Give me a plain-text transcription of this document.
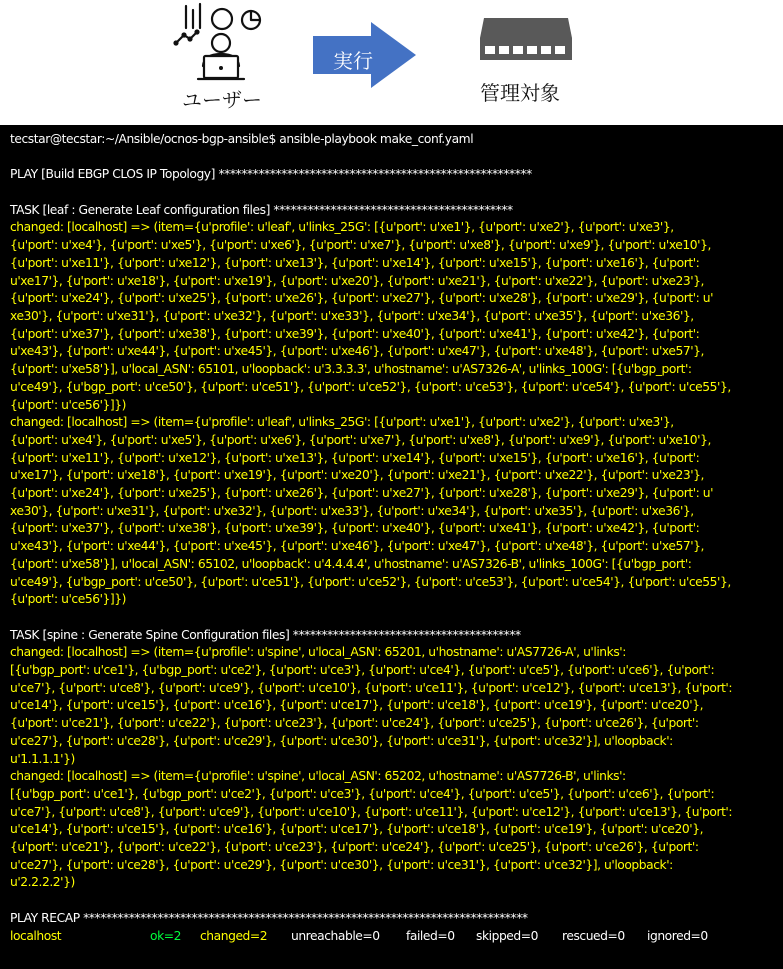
ユーザー
実行
管理対象
tecstar@tecstar:~/Ansible/ocnos-bgp-ansible$ ansible-playbook make_conf.yaml
PLAY [Build EBGP CLOS IP Topology] *******************************************************
TASK [leaf : Generate Leaf configuration files] ******************************************
changed: [localhost] => (item={u'profile': u'leaf', u'links_25G': [{u'port': u'xe1'}, {u'port': u'xe2'}, {u'port': u'xe3'},
{u'port': u'xe4'}, {u'port': u'xe5'}, {u'port': u'xe6'}, {u'port': u'xe7'}, {u'port': u'xe8'}, {u'port': u'xe9'}, {u'port': u'xe10'},
{u'port': u'xe11'}, {u'port': u'xe12'}, {u'port': u'xe13'}, {u'port': u'xe14'}, {u'port': u'xe15'}, {u'port': u'xe16'}, {u'port':
u'xe17'}, {u'port': u'xe18'}, {u'port': u'xe19'}, {u'port': u'xe20'}, {u'port': u'xe21'}, {u'port': u'xe22'}, {u'port': u'xe23'},
{u'port': u'xe24'}, {u'port': u'xe25'}, {u'port': u'xe26'}, {u'port': u'xe27'}, {u'port': u'xe28'}, {u'port': u'xe29'}, {u'port': u'
xe30'}, {u'port': u'xe31'}, {u'port': u'xe32'}, {u'port': u'xe33'}, {u'port': u'xe34'}, {u'port': u'xe35'}, {u'port': u'xe36'},
{u'port': u'xe37'}, {u'port': u'xe38'}, {u'port': u'xe39'}, {u'port': u'xe40'}, {u'port': u'xe41'}, {u'port': u'xe42'}, {u'port':
u'xe43'}, {u'port': u'xe44'}, {u'port': u'xe45'}, {u'port': u'xe46'}, {u'port': u'xe47'}, {u'port': u'xe48'}, {u'port': u'xe57'},
{u'port': u'xe58'}], u'local_ASN': 65101, u'loopback': u'3.3.3.3', u'hostname': u'AS7326-A', u'links_100G': [{u'bgp_port':
u'ce49'}, {u'bgp_port': u'ce50'}, {u'port': u'ce51'}, {u'port': u'ce52'}, {u'port': u'ce53'}, {u'port': u'ce54'}, {u'port': u'ce55'},
{u'port': u'ce56'}]})
changed: [localhost] => (item={u'profile': u'leaf', u'links_25G': [{u'port': u'xe1'}, {u'port': u'xe2'}, {u'port': u'xe3'},
{u'port': u'xe4'}, {u'port': u'xe5'}, {u'port': u'xe6'}, {u'port': u'xe7'}, {u'port': u'xe8'}, {u'port': u'xe9'}, {u'port': u'xe10'},
{u'port': u'xe11'}, {u'port': u'xe12'}, {u'port': u'xe13'}, {u'port': u'xe14'}, {u'port': u'xe15'}, {u'port': u'xe16'}, {u'port':
u'xe17'}, {u'port': u'xe18'}, {u'port': u'xe19'}, {u'port': u'xe20'}, {u'port': u'xe21'}, {u'port': u'xe22'}, {u'port': u'xe23'},
{u'port': u'xe24'}, {u'port': u'xe25'}, {u'port': u'xe26'}, {u'port': u'xe27'}, {u'port': u'xe28'}, {u'port': u'xe29'}, {u'port': u'
xe30'}, {u'port': u'xe31'}, {u'port': u'xe32'}, {u'port': u'xe33'}, {u'port': u'xe34'}, {u'port': u'xe35'}, {u'port': u'xe36'},
{u'port': u'xe37'}, {u'port': u'xe38'}, {u'port': u'xe39'}, {u'port': u'xe40'}, {u'port': u'xe41'}, {u'port': u'xe42'}, {u'port':
u'xe43'}, {u'port': u'xe44'}, {u'port': u'xe45'}, {u'port': u'xe46'}, {u'port': u'xe47'}, {u'port': u'xe48'}, {u'port': u'xe57'},
{u'port': u'xe58'}], u'local_ASN': 65102, u'loopback': u'4.4.4.4', u'hostname': u'AS7326-B', u'links_100G': [{u'bgp_port':
u'ce49'}, {u'bgp_port': u'ce50'}, {u'port': u'ce51'}, {u'port': u'ce52'}, {u'port': u'ce53'}, {u'port': u'ce54'}, {u'port': u'ce55'},
{u'port': u'ce56'}]})
TASK [spine : Generate Spine Configuration files] ****************************************
changed: [localhost] => (item={u'profile': u'spine', u'local_ASN': 65201, u'hostname': u'AS7726-A', u'links':
[{u'bgp_port': u'ce1'}, {u'bgp_port': u'ce2'}, {u'port': u'ce3'}, {u'port': u'ce4'}, {u'port': u'ce5'}, {u'port': u'ce6'}, {u'port':
u'ce7'}, {u'port': u'ce8'}, {u'port': u'ce9'}, {u'port': u'ce10'}, {u'port': u'ce11'}, {u'port': u'ce12'}, {u'port': u'ce13'}, {u'port':
u'ce14'}, {u'port': u'ce15'}, {u'port': u'ce16'}, {u'port': u'ce17'}, {u'port': u'ce18'}, {u'port': u'ce19'}, {u'port': u'ce20'},
{u'port': u'ce21'}, {u'port': u'ce22'}, {u'port': u'ce23'}, {u'port': u'ce24'}, {u'port': u'ce25'}, {u'port': u'ce26'}, {u'port':
u'ce27'}, {u'port': u'ce28'}, {u'port': u'ce29'}, {u'port': u'ce30'}, {u'port': u'ce31'}, {u'port': u'ce32'}], u'loopback':
u'1.1.1.1'})
changed: [localhost] => (item={u'profile': u'spine', u'local_ASN': 65202, u'hostname': u'AS7726-B', u'links':
[{u'bgp_port': u'ce1'}, {u'bgp_port': u'ce2'}, {u'port': u'ce3'}, {u'port': u'ce4'}, {u'port': u'ce5'}, {u'port': u'ce6'}, {u'port':
u'ce7'}, {u'port': u'ce8'}, {u'port': u'ce9'}, {u'port': u'ce10'}, {u'port': u'ce11'}, {u'port': u'ce12'}, {u'port': u'ce13'}, {u'port':
u'ce14'}, {u'port': u'ce15'}, {u'port': u'ce16'}, {u'port': u'ce17'}, {u'port': u'ce18'}, {u'port': u'ce19'}, {u'port': u'ce20'},
{u'port': u'ce21'}, {u'port': u'ce22'}, {u'port': u'ce23'}, {u'port': u'ce24'}, {u'port': u'ce25'}, {u'port': u'ce26'}, {u'port':
u'ce27'}, {u'port': u'ce28'}, {u'port': u'ce29'}, {u'port': u'ce30'}, {u'port': u'ce31'}, {u'port': u'ce32'}], u'loopback':
u'2.2.2.2'})
PLAY RECAP ******************************************************************************
localhost	ok=2 changed=2 unreachable=0 failed=0 skipped=0 rescued=0 ignored=0
